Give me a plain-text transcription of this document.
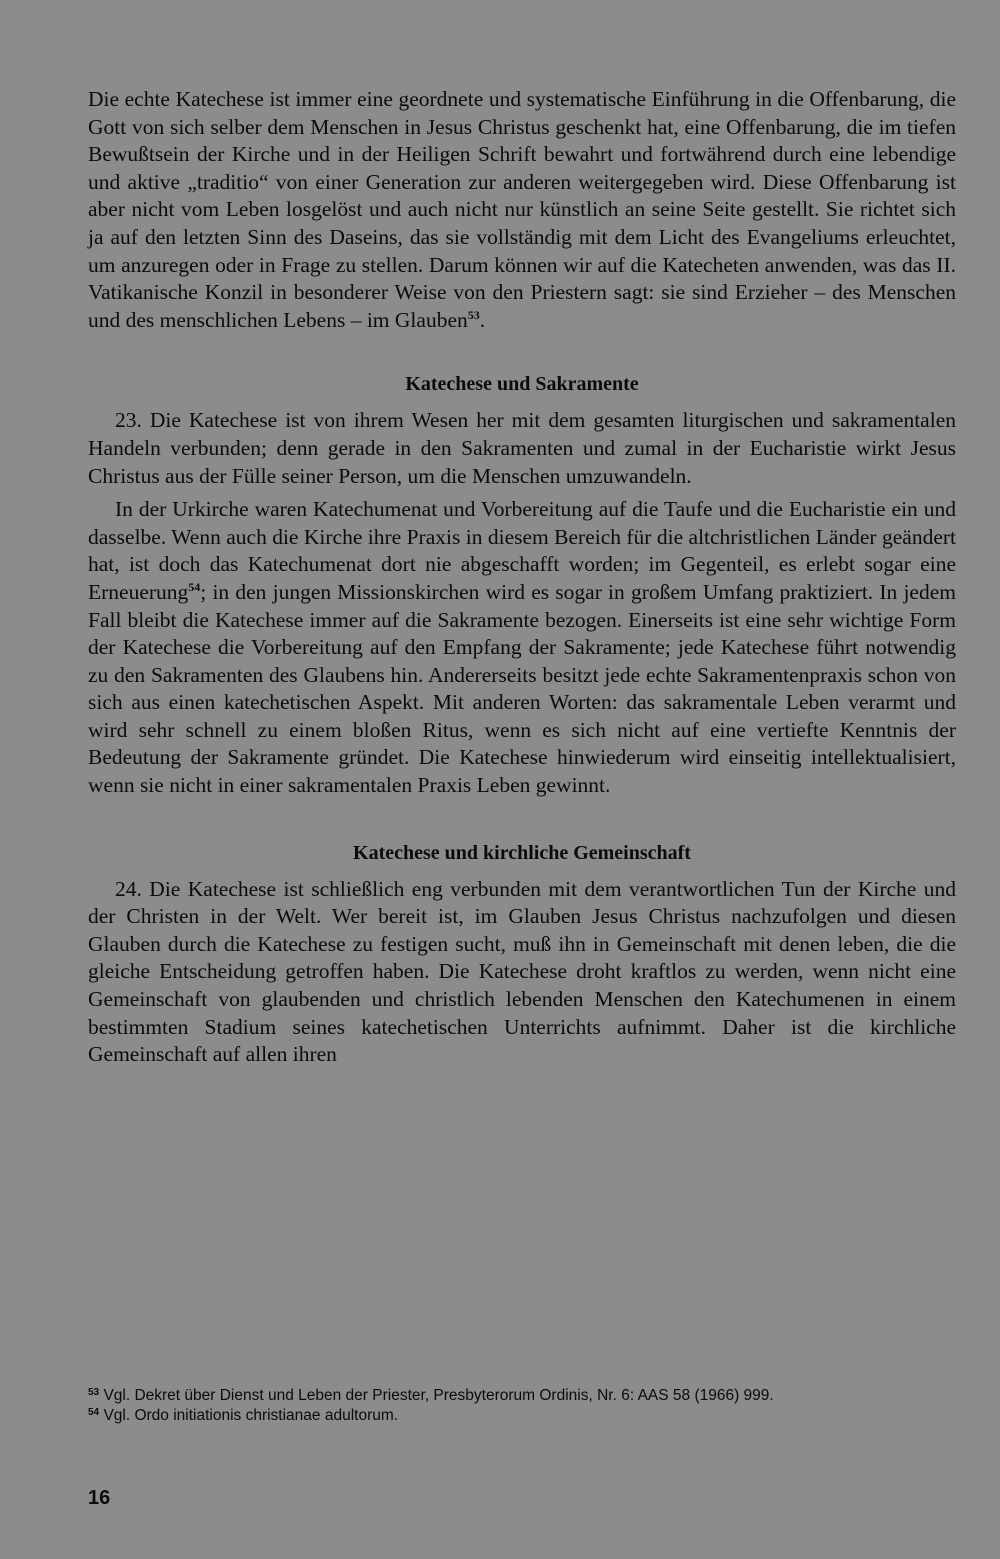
Die echte Katechese ist immer eine geordnete und systematische Einführung in die Offenbarung, die Gott von sich selber dem Menschen in Jesus Christus geschenkt hat, eine Offenbarung, die im tiefen Bewußtsein der Kirche und in der Heiligen Schrift bewahrt und fortwährend durch eine lebendige und aktive „traditio“ von einer Generation zur anderen weitergegeben wird. Diese Offenbarung ist aber nicht vom Leben losgelöst und auch nicht nur künstlich an seine Seite gestellt. Sie richtet sich ja auf den letzten Sinn des Daseins, das sie vollständig mit dem Licht des Evangeliums erleuchtet, um anzuregen oder in Frage zu stellen. Darum können wir auf die Katecheten anwenden, was das II. Vatikanische Konzil in besonderer Weise von den Priestern sagt: sie sind Erzieher – des Menschen und des menschlichen Lebens – im Glauben$^{53}$.

Katechese und Sakramente

23. Die Katechese ist von ihrem Wesen her mit dem gesamten liturgischen und sakramentalen Handeln verbunden; denn gerade in den Sakramenten und zumal in der Eucharistie wirkt Jesus Christus aus der Fülle seiner Person, um die Menschen umzuwandeln.

In der Urkirche waren Katechumenat und Vorbereitung auf die Taufe und die Eucharistie ein und dasselbe. Wenn auch die Kirche ihre Praxis in diesem Bereich für die altchristlichen Länder geändert hat, ist doch das Katechumenat dort nie abgeschafft worden; im Gegenteil, es erlebt sogar eine Erneuerung$^{54}$; in den jungen Missionskirchen wird es sogar in großem Umfang praktiziert. In jedem Fall bleibt die Katechese immer auf die Sakramente bezogen. Einerseits ist eine sehr wichtige Form der Katechese die Vorbereitung auf den Empfang der Sakramente; jede Katechese führt notwendig zu den Sakramenten des Glaubens hin. Andererseits besitzt jede echte Sakramentenpraxis schon von sich aus einen katechetischen Aspekt. Mit anderen Worten: das sakramentale Leben verarmt und wird sehr schnell zu einem bloßen Ritus, wenn es sich nicht auf eine vertiefte Kenntnis der Bedeutung der Sakramente gründet. Die Katechese hinwiederum wird einseitig intellektualisiert, wenn sie nicht in einer sakramentalen Praxis Leben gewinnt.

Katechese und kirchliche Gemeinschaft

24. Die Katechese ist schließlich eng verbunden mit dem verantwortlichen Tun der Kirche und der Christen in der Welt. Wer bereit ist, im Glauben Jesus Christus nachzufolgen und diesen Glauben durch die Katechese zu festigen sucht, muß ihn in Gemeinschaft mit denen leben, die die gleiche Entscheidung getroffen haben. Die Katechese droht kraftlos zu werden, wenn nicht eine Gemeinschaft von glaubenden und christlich lebenden Menschen den Katechumenen in einem bestimmten Stadium seines katechetischen Unterrichts aufnimmt. Daher ist die kirchliche Gemeinschaft auf allen ihren

$^{53}$ Vgl. Dekret über Dienst und Leben der Priester, Presbyterorum Ordinis, Nr. 6: AAS 58 (1966) 999.

$^{54}$ Vgl. Ordo initiationis christianae adultorum.

16
